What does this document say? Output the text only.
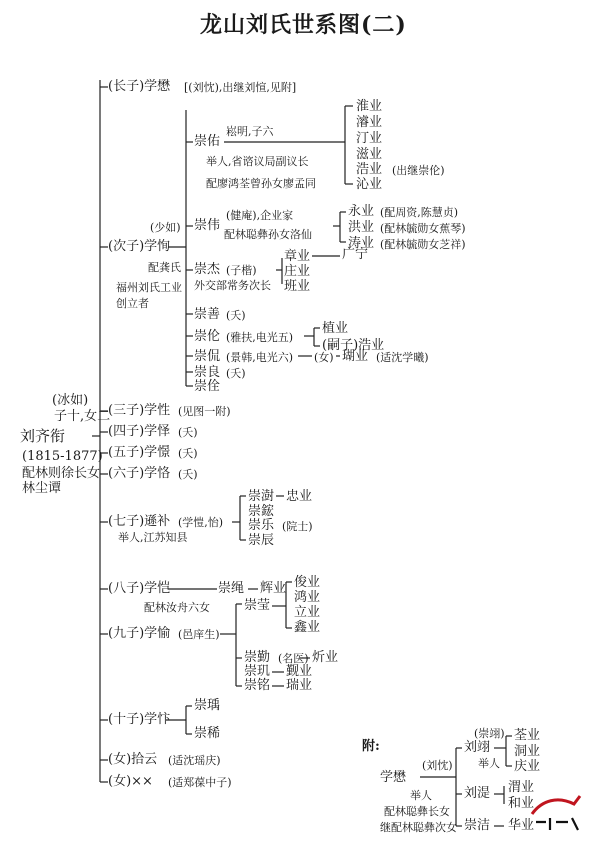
龙山刘氏世系图(二)
(冰如)
子十,女二
刘齐衔
(1815-1877)
配林则徐长女
林尘谭
(长子)学懋 [(刘忱),出继刘愃,见附]
(少如)
(次子)学恂
配龚氏
福州刘氏工业
创立者
崇佑
崧明,子六
举人,省谘议局副议长
配廖鸿荃曾孙女廖孟同
淮业
濬业
汀业
滋业
浩业 (出继崇伦)
沁业
崇伟
(健庵),企业家
配林聪彝孙女洛仙
永业 (配周资,陈慧贞)
洪业 (配林毓勋女蕉琴)
涛业 (配林毓勋女芝祥)
崇杰 (子楷)
外交部常务次长
章业 广宁
庄业
班业
崇善 (夭)
崇伦 (雅扶,电光五)
植业
(嗣子)浩业
崇侃 (景韩,电光六) (女) 瑚业 (适沈学曦)
崇良 (夭)
崇佺
(三子)学性 (见图一附)
(四子)学怿 (夭)
(五子)学憬 (夭)
(六子)学恪 (夭)
(七子)遜补 (学愷,怡)
举人,江苏知县
崇澍 忠业
崇鋐
崇乐 (院士)
崇辰
(八子)学恺	崇绳 辉业
配林汝舟六女
(九子)学愉 (邑庠生)
崇莹
俊业
鸿业
立业
鑫业
崇勤 (名医) 炘业
崇玑 觐业
崇铭 瑞业
(十子)学忭
崇瑀
崇稀
(女)拾云 (适沈瑶庆)
(女)×× (适郑葆中子)
附:
(刘忱)
学懋
举人
配林聪彝长女
继配林聪彝次女
(崇翊)
刘翊
举人
荃业
洞业
庆业
刘湜 渭业
和业
崇洁 华业
